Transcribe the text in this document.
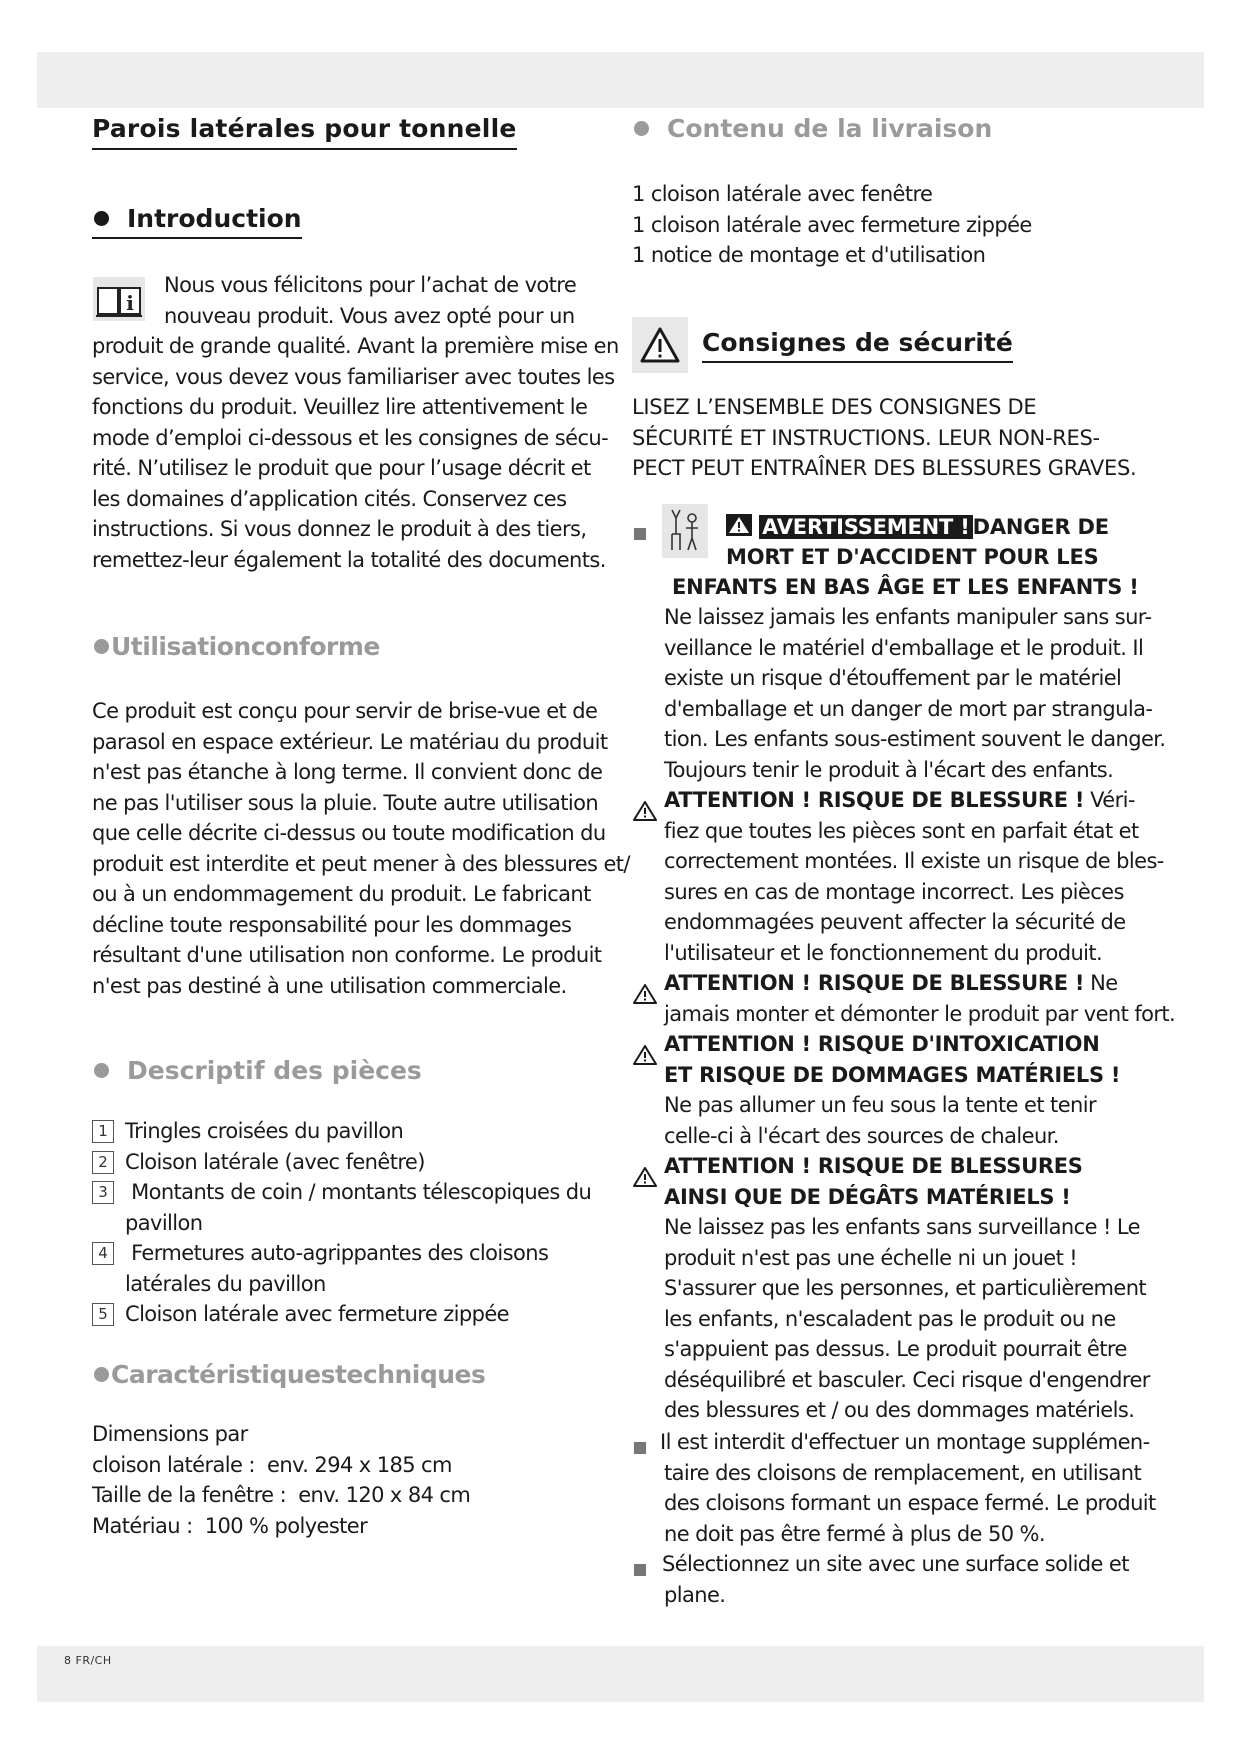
Parois latérales pour tonnelle
Introduction
i
Nous vous félicitons pour l’achat de votre
nouveau produit. Vous avez opté pour un
produit de grande qualité. Avant la première mise en
service, vous devez vous familiariser avec toutes les
fonctions du produit. Veuillez lire attentivement le
mode d’emploi ci-dessous et les consignes de sécu-
rité. N’utilisez le produit que pour l’usage décrit et
les domaines d’application cités. Conservez ces
instructions. Si vous donnez le produit à des tiers,
remettez-leur également la totalité des documents.
Utilisationconforme
Ce produit est conçu pour servir de brise-vue et de
parasol en espace extérieur. Le matériau du produit
n'est pas étanche à long terme. Il convient donc de
ne pas l'utiliser sous la pluie. Toute autre utilisation
que celle décrite ci-dessus ou toute modification du
produit est interdite et peut mener à des blessures et/
ou à un endommagement du produit. Le fabricant
décline toute responsabilité pour les dommages
résultant d'une utilisation non conforme. Le produit
n'est pas destiné à une utilisation commerciale.
Descriptif des pièces
1 Tringles croisées du pavillon
2 Cloison latérale (avec fenêtre)
3 Montants de coin / montants télescopiques du
pavillon
4 Fermetures auto-agrippantes des cloisons
latérales du pavillon
5 Cloison latérale avec fermeture zippée
Caractéristiquestechniques
Dimensions par
cloison latérale :  env. 294 x 185 cm
Taille de la fenêtre :  env. 120 x 84 cm
Matériau :  100 % polyester
Contenu de la livraison
1 cloison latérale avec fenêtre
1 cloison latérale avec fermeture zippée
1 notice de montage et d'utilisation
Consignes de sécurité
LISEZ L’ENSEMBLE DES CONSIGNES DE
SÉCURITÉ ET INSTRUCTIONS. LEUR NON-RES-
PECT PEUT ENTRAÎNER DES BLESSURES GRAVES.
AVERTISSEMENT ! DANGER DE
MORT ET D'ACCIDENT POUR LES
ENFANTS EN BAS ÂGE ET LES ENFANTS !
Ne laissez jamais les enfants manipuler sans sur-
veillance le matériel d'emballage et le produit. Il
existe un risque d'étouffement par le matériel
d'emballage et un danger de mort par strangula-
tion. Les enfants sous-estiment souvent le danger.
Toujours tenir le produit à l'écart des enfants.
ATTENTION ! RISQUE DE BLESSURE ! Véri-
fiez que toutes les pièces sont en parfait état et
correctement montées. Il existe un risque de bles-
sures en cas de montage incorrect. Les pièces
endommagées peuvent affecter la sécurité de
l'utilisateur et le fonctionnement du produit.
ATTENTION ! RISQUE DE BLESSURE ! Ne
jamais monter et démonter le produit par vent fort.
ATTENTION ! RISQUE D'INTOXICATION
ET RISQUE DE DOMMAGES MATÉRIELS !
Ne pas allumer un feu sous la tente et tenir
celle-ci à l'écart des sources de chaleur.
ATTENTION ! RISQUE DE BLESSURES
AINSI QUE DE DÉGÂTS MATÉRIELS !
Ne laissez pas les enfants sans surveillance ! Le
produit n'est pas une échelle ni un jouet !
S'assurer que les personnes, et particulièrement
les enfants, n'escaladent pas le produit ou ne
s'appuient pas dessus. Le produit pourrait être
déséquilibré et basculer. Ceci risque d'engendrer
des blessures et / ou des dommages matériels.
Il est interdit d'effectuer un montage supplémen-
taire des cloisons de remplacement, en utilisant
des cloisons formant un espace fermé. Le produit
ne doit pas être fermé à plus de 50 %.
Sélectionnez un site avec une surface solide et
plane.
8 FR/CH
